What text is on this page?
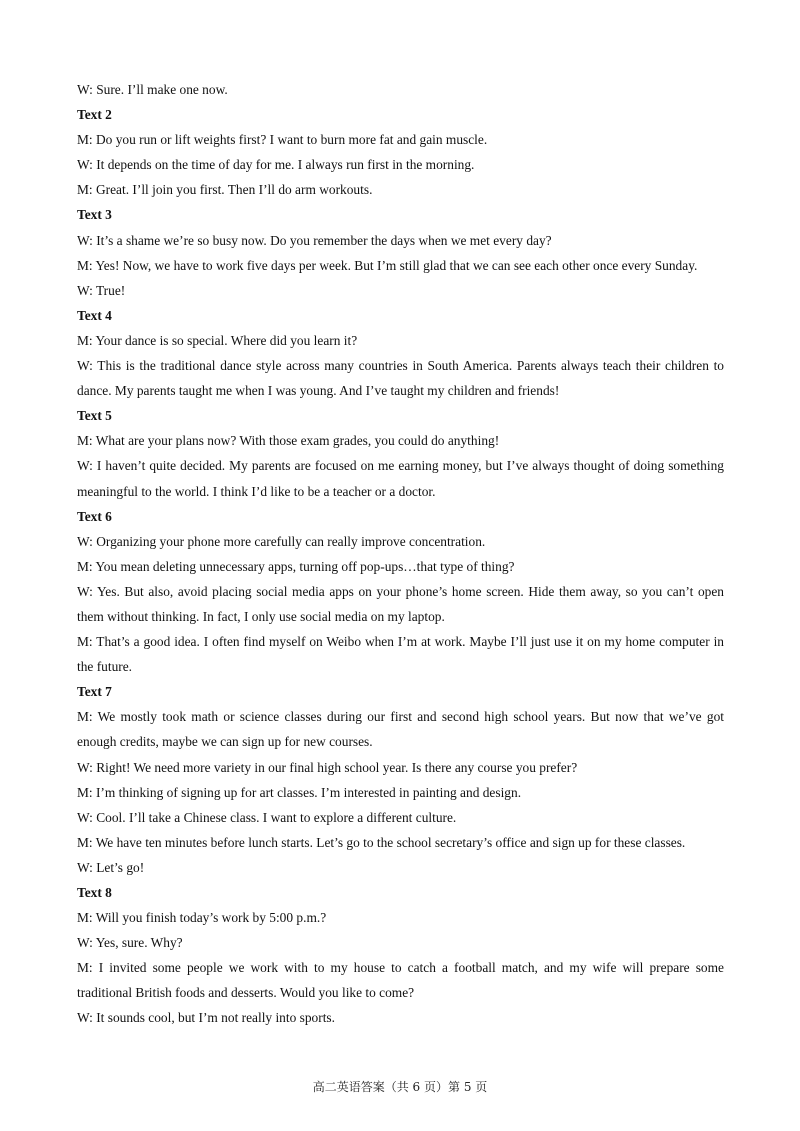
W: Sure. I’ll make one now.

Text 2

M: Do you run or lift weights first? I want to burn more fat and gain muscle.

W: It depends on the time of day for me. I always run first in the morning.

M: Great. I’ll join you first. Then I’ll do arm workouts.

Text 3

W: It’s a shame we’re so busy now. Do you remember the days when we met every day?

M: Yes! Now, we have to work five days per week. But I’m still glad that we can see each other once every Sunday.

W: True!

Text 4

M: Your dance is so special. Where did you learn it?

W: This is the traditional dance style across many countries in South America. Parents always teach their children to dance. My parents taught me when I was young. And I’ve taught my children and friends!

Text 5

M: What are your plans now? With those exam grades, you could do anything!

W: I haven’t quite decided. My parents are focused on me earning money, but I’ve always thought of doing something meaningful to the world. I think I’d like to be a teacher or a doctor.

Text 6

W: Organizing your phone more carefully can really improve concentration.

M: You mean deleting unnecessary apps, turning off pop-ups…that type of thing?

W: Yes. But also, avoid placing social media apps on your phone’s home screen. Hide them away, so you can’t open them without thinking. In fact, I only use social media on my laptop.

M: That’s a good idea. I often find myself on Weibo when I’m at work. Maybe I’ll just use it on my home computer in the future.

Text 7

M: We mostly took math or science classes during our first and second high school years. But now that we’ve got enough credits, maybe we can sign up for new courses.

W: Right! We need more variety in our final high school year. Is there any course you prefer?

M: I’m thinking of signing up for art classes. I’m interested in painting and design.

W: Cool. I’ll take a Chinese class. I want to explore a different culture.

M: We have ten minutes before lunch starts. Let’s go to the school secretary’s office and sign up for these classes.

W: Let’s go!

Text 8

M: Will you finish today’s work by 5:00 p.m.?

W: Yes, sure. Why?

M: I invited some people we work with to my house to catch a football match, and my wife will prepare some traditional British foods and desserts. Would you like to come?

W: It sounds cool, but I’m not really into sports.

高二英语答案（共 6 页）第 5 页
